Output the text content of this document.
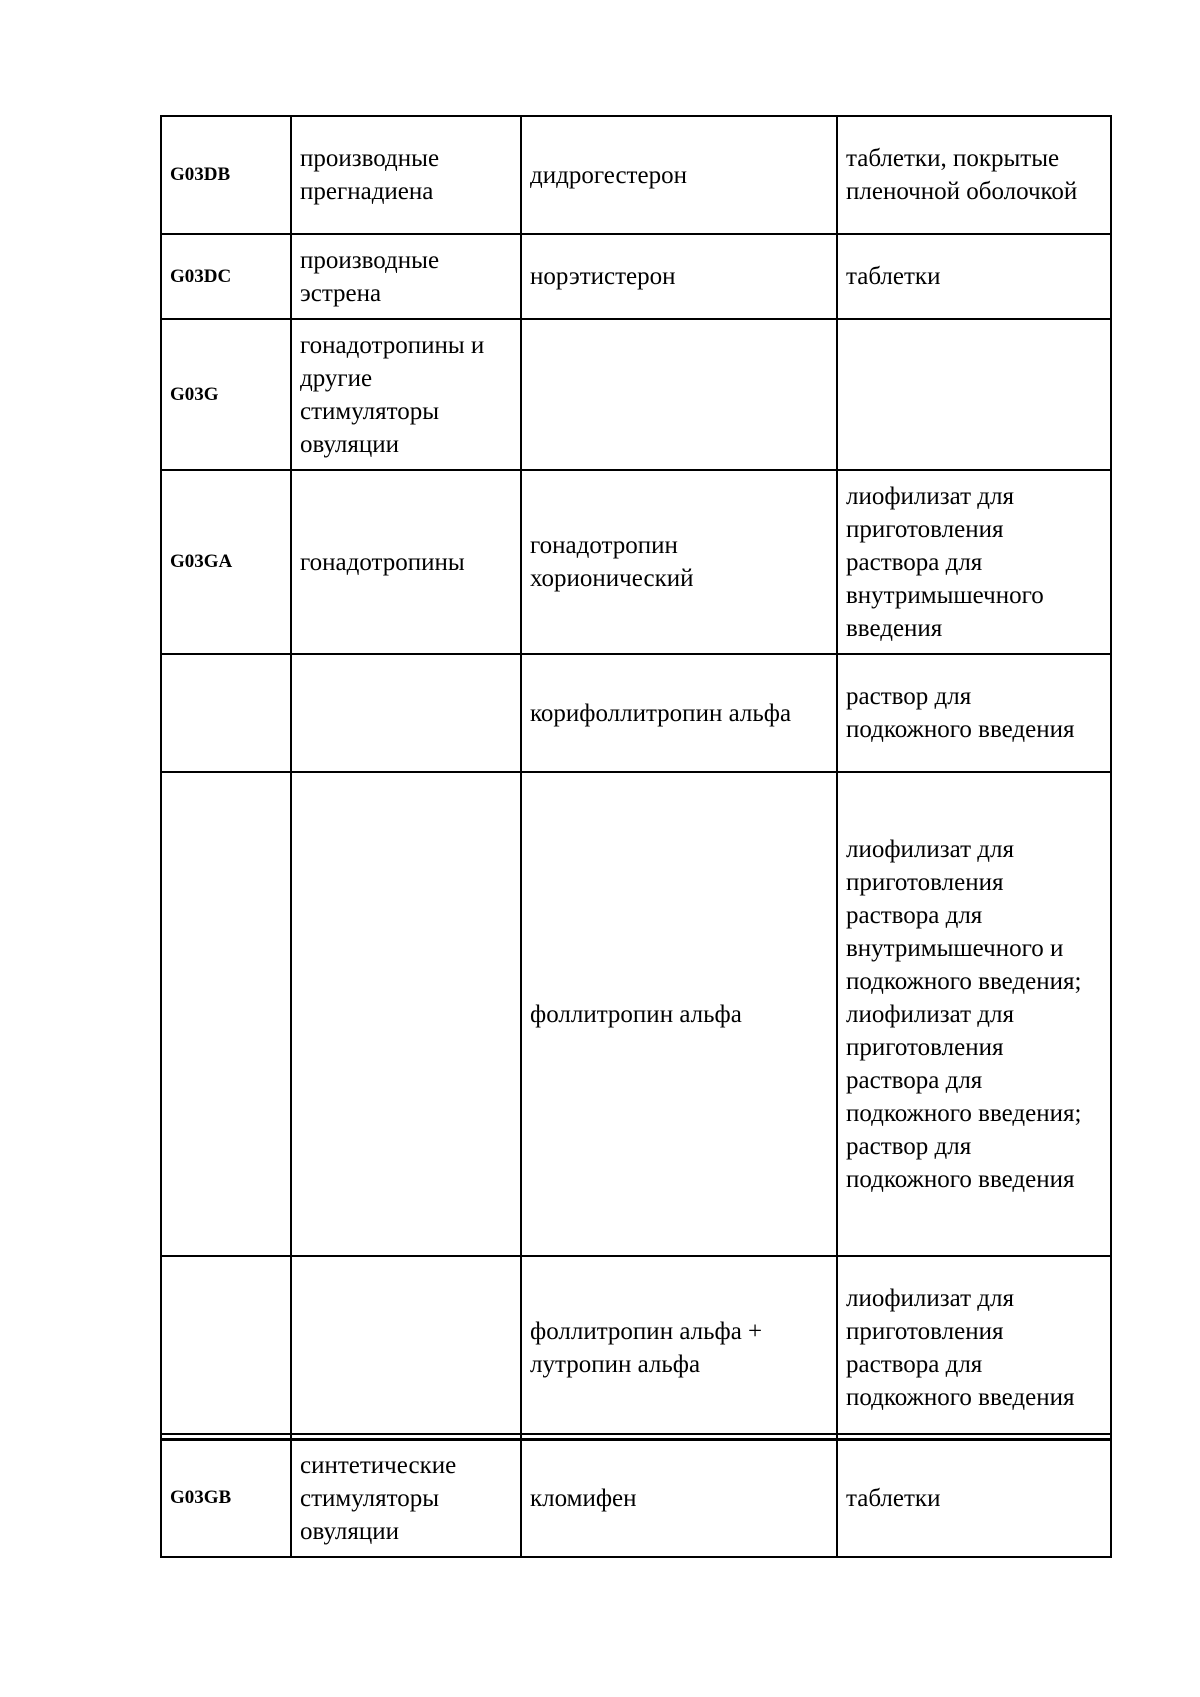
G03DB	производные прегнадиена	дидрогестерон	таблетки, покрытые пленочной оболочкой
G03DC	производные эстрена	норэтистерон	таблетки
G03G	гонадотропины и другие стимуляторы овуляции		
G03GA	гонадотропины	гонадотропин хорионический	лиофилизат для приготовления раствора для внутримышечного введения
		корифоллитропин альфа	раствор для подкожного введения
		фоллитропин альфа	лиофилизат для приготовления раствора для внутримышечного и подкожного введения; лиофилизат для приготовления раствора для подкожного введения; раствор для подкожного введения
		фоллитропин альфа + лутропин альфа	лиофилизат для приготовления раствора для подкожного введения
G03GB	синтетические стимуляторы овуляции	кломифен	таблетки
